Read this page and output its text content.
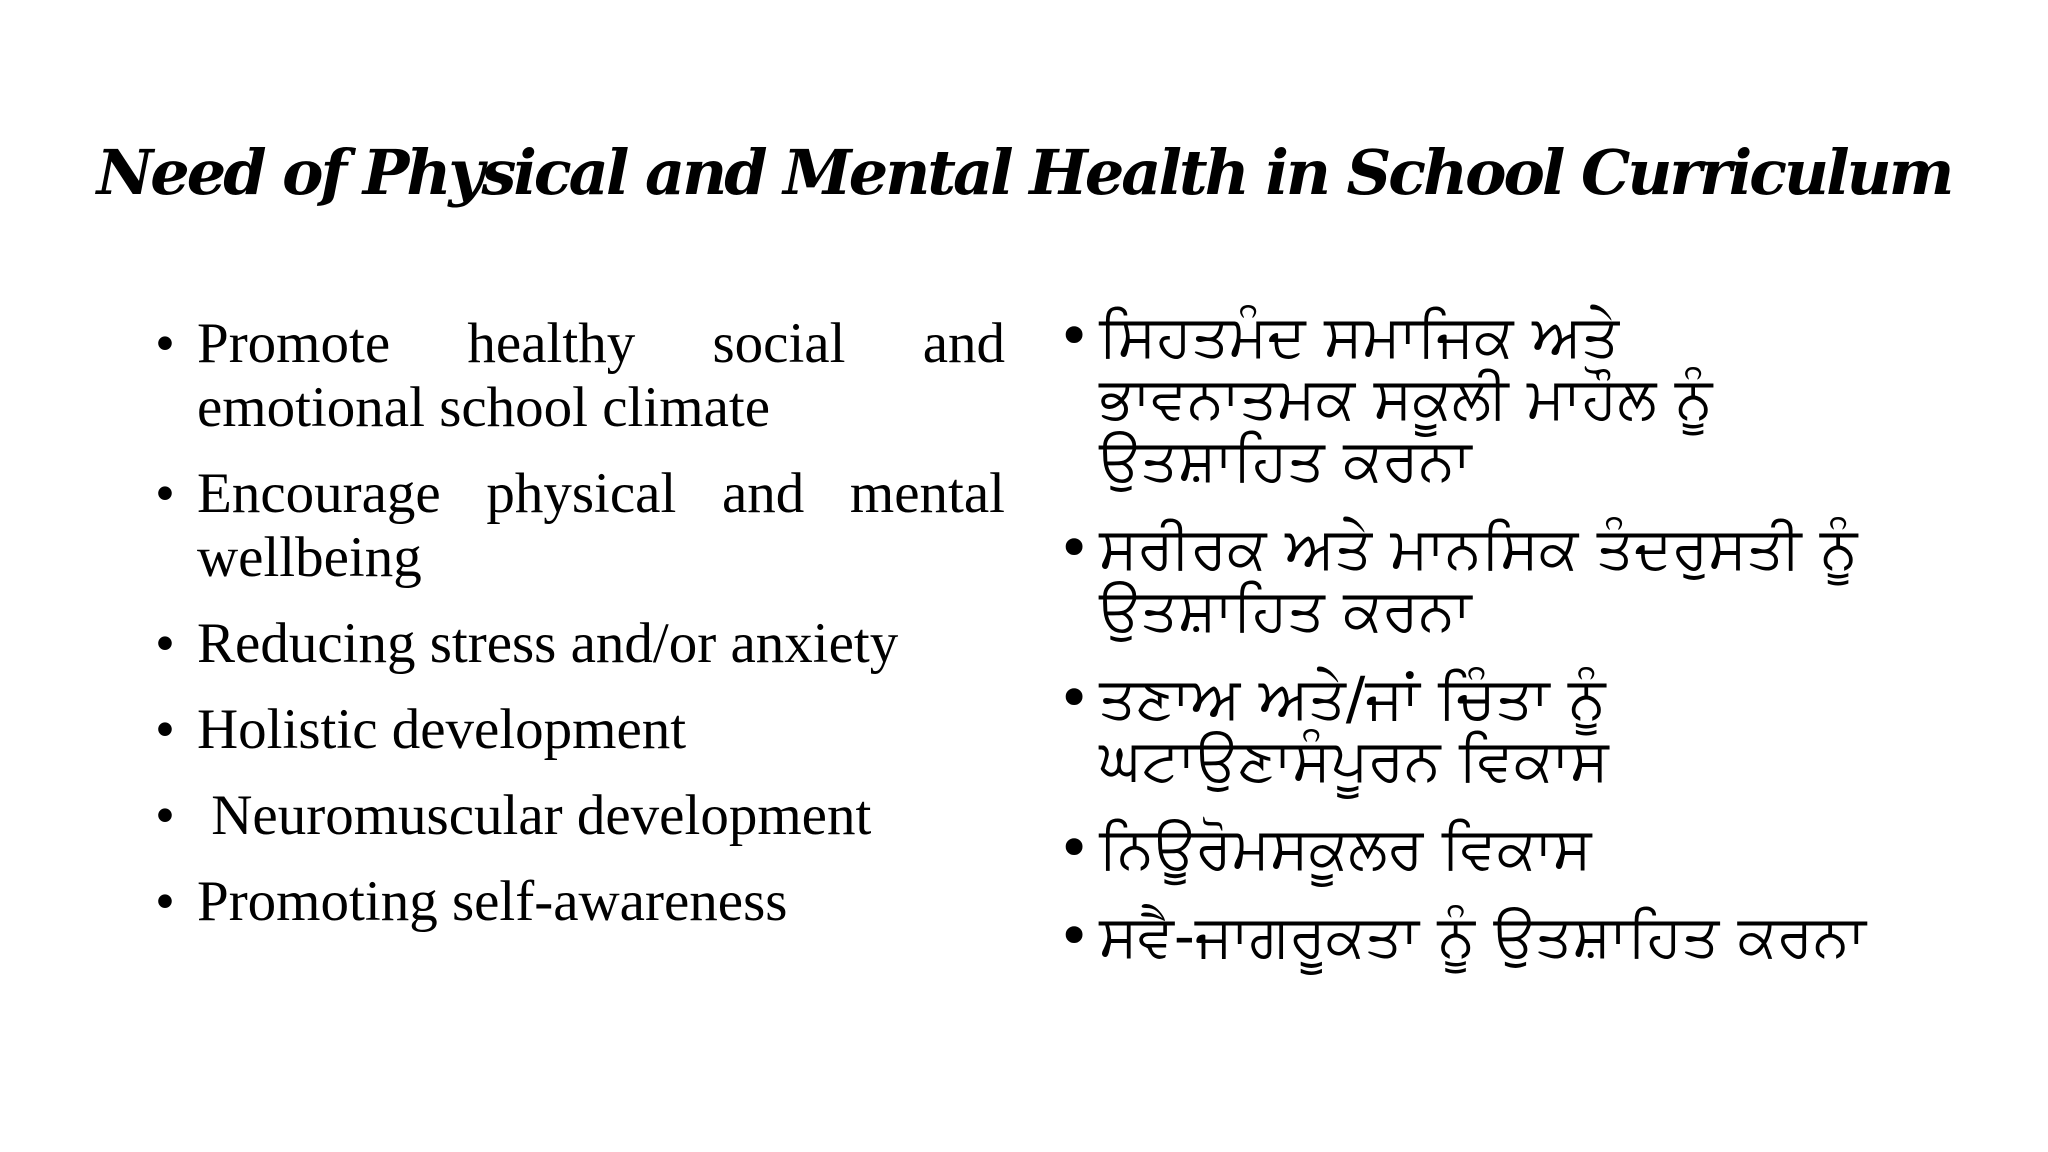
Need of Physical and Mental Health in School Curriculum
• Promote healthy social and emotional school climate
• Encourage physical and mental wellbeing
• Reducing stress and/or anxiety
• Holistic development
•  Neuromuscular development
• Promoting self-awareness
• ਸਿਹਤਮੰਦ ਸਮਾਜਿਕ ਅਤੇ ਭਾਵਨਾਤਮਕ ਸਕੂਲੀ ਮਾਹੌਲ ਨੂੰ ਉਤਸ਼ਾਹਿਤ ਕਰਨਾ
• ਸਰੀਰਕ ਅਤੇ ਮਾਨਸਿਕ ਤੰਦਰੁਸਤੀ ਨੂੰ ਉਤਸ਼ਾਹਿਤ ਕਰਨਾ
• ਤਣਾਅ ਅਤੇ/ਜਾਂ ਚਿੰਤਾ ਨੂੰ ਘਟਾਉਣਾਸੰਪੂਰਨ ਵਿਕਾਸ
• ਨਿਊਰੋਮਸਕੂਲਰ ਵਿਕਾਸ
• ਸਵੈ-ਜਾਗਰੂਕਤਾ ਨੂੰ ਉਤਸ਼ਾਹਿਤ ਕਰਨਾ
